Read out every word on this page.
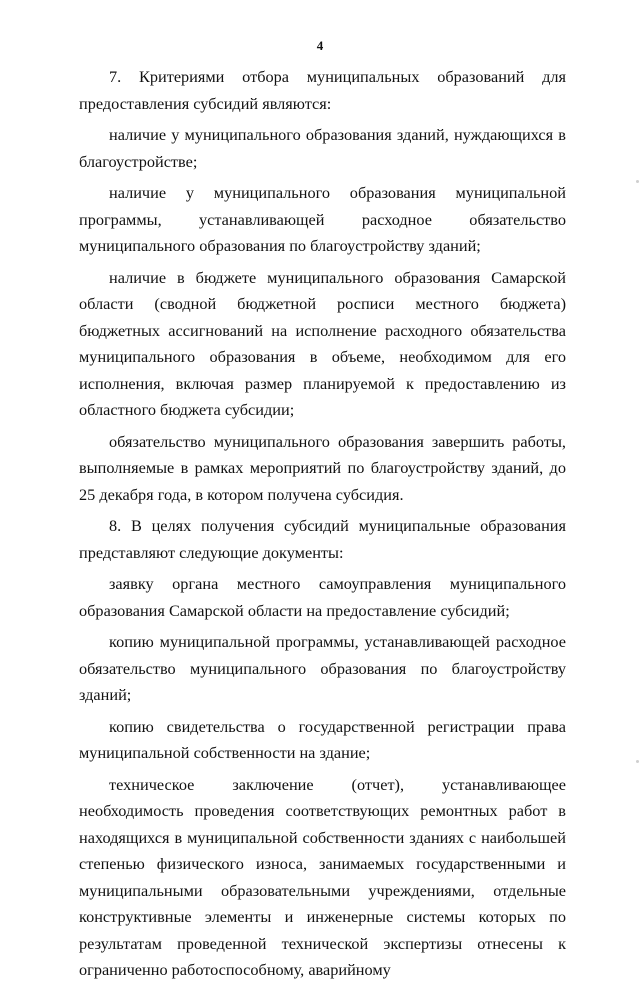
4

7. Критериями отбора муниципальных образований для предоставления субсидий являются:

наличие у муниципального образования зданий, нуждающихся в благоустройстве;

наличие у муниципального образования муниципальной программы, устанавливающей расходное обязательство муниципального образования по благоустройству зданий;

наличие в бюджете муниципального образования Самарской области (сводной бюджетной росписи местного бюджета) бюджетных ассигнований на исполнение расходного обязательства муниципального образования в объеме, необходимом для его исполнения, включая размер планируемой к предоставлению из областного бюджета субсидии;

обязательство муниципального образования завершить работы, выполняемые в рамках мероприятий по благоустройству зданий, до 25 декабря года, в котором получена субсидия.

8. В целях получения субсидий муниципальные образования представляют следующие документы:

заявку органа местного самоуправления муниципального образования Самарской области на предоставление субсидий;

копию муниципальной программы, устанавливающей расходное обязательство муниципального образования по благоустройству зданий;

копию свидетельства о государственной регистрации права муниципальной собственности на здание;

техническое заключение (отчет), устанавливающее необходимость проведения соответствующих ремонтных работ в находящихся в муниципальной собственности зданиях с наибольшей степенью физического износа, занимаемых государственными и муниципальными образовательными учреждениями, отдельные конструктивные элементы и инженерные системы которых по результатам проведенной технической экспертизы отнесены к ограниченно работоспособному, аварийному
